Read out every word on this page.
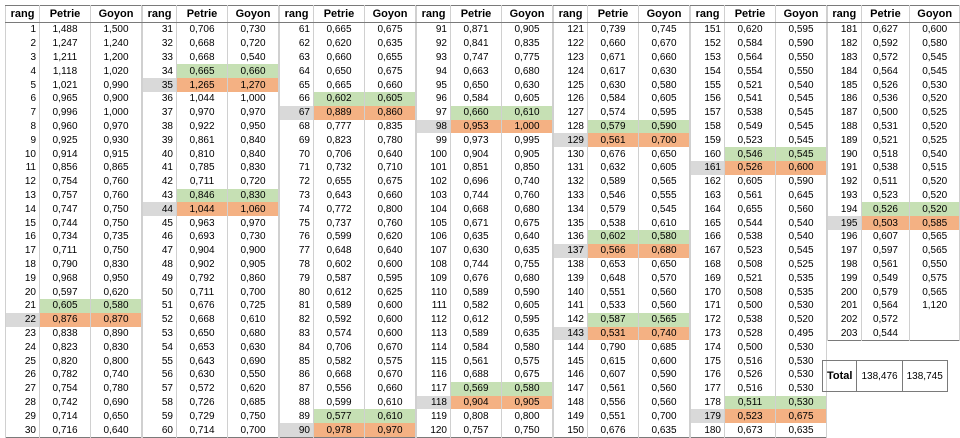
rang	Petrie	Goyon
1	1,488	1,500
2	1,247	1,240
3	1,211	1,200
4	1,118	1,020
5	1,021	0,990
6	0,965	0,900
7	0,996	1,000
8	0,960	0,970
9	0,925	0,930
10	0,914	0,915
11	0,856	0,865
12	0,754	0,760
13	0,757	0,760
14	0,747	0,750
15	0,744	0,750
16	0,734	0,735
17	0,711	0,750
18	0,790	0,830
19	0,968	0,950
20	0,597	0,620
21	0,605	0,580
22	0,876	0,870
23	0,838	0,890
24	0,823	0,830
25	0,820	0,800
26	0,782	0,740
27	0,754	0,780
28	0,742	0,690
29	0,714	0,650
30	0,716	0,640
rang	Petrie	Goyon
31	0,706	0,730
32	0,668	0,720
33	0,668	0,540
34	0,665	0,660
35	1,265	1,270
36	1,044	1,000
37	0,970	0,970
38	0,922	0,950
39	0,861	0,840
40	0,810	0,840
41	0,785	0,830
42	0,711	0,720
43	0,846	0,830
44	1,044	1,060
45	0,963	0,970
46	0,693	0,730
47	0,904	0,900
48	0,902	0,905
49	0,792	0,860
50	0,711	0,700
51	0,676	0,725
52	0,668	0,610
53	0,650	0,680
54	0,653	0,630
55	0,643	0,690
56	0,630	0,550
57	0,572	0,620
58	0,726	0,685
59	0,729	0,750
60	0,714	0,700
rang	Petrie	Goyon
61	0,665	0,675
62	0,620	0,635
63	0,660	0,655
64	0,650	0,675
65	0,665	0,660
66	0,602	0,605
67	0,889	0,860
68	0,777	0,835
69	0,823	0,780
70	0,706	0,640
71	0,732	0,710
72	0,655	0,675
73	0,643	0,660
74	0,772	0,800
75	0,737	0,760
76	0,599	0,620
77	0,648	0,640
78	0,602	0,600
79	0,587	0,595
80	0,612	0,625
81	0,589	0,600
82	0,592	0,600
83	0,574	0,600
84	0,706	0,670
85	0,582	0,575
86	0,668	0,670
87	0,556	0,660
88	0,599	0,610
89	0,577	0,610
90	0,978	0,970
rang	Petrie	Goyon
91	0,871	0,905
92	0,841	0,835
93	0,747	0,775
94	0,663	0,680
95	0,650	0,630
96	0,584	0,605
97	0,660	0,610
98	0,953	1,000
99	0,973	0,995
100	0,904	0,905
101	0,851	0,850
102	0,696	0,740
103	0,744	0,760
104	0,668	0,680
105	0,671	0,675
106	0,635	0,640
107	0,630	0,635
108	0,744	0,755
109	0,676	0,680
110	0,589	0,590
111	0,582	0,605
112	0,612	0,595
113	0,589	0,635
114	0,584	0,580
115	0,561	0,575
116	0,688	0,675
117	0,569	0,580
118	0,904	0,905
119	0,808	0,800
120	0,757	0,750
rang	Petrie	Goyon
121	0,739	0,745
122	0,660	0,670
123	0,671	0,660
124	0,617	0,630
125	0,630	0,580
126	0,584	0,605
127	0,574	0,595
128	0,579	0,590
129	0,561	0,700
130	0,676	0,650
131	0,632	0,605
132	0,589	0,565
133	0,546	0,555
134	0,579	0,545
135	0,538	0,610
136	0,602	0,580
137	0,566	0,680
138	0,653	0,650
139	0,648	0,570
140	0,551	0,560
141	0,533	0,560
142	0,587	0,565
143	0,531	0,740
144	0,790	0,685
145	0,615	0,600
146	0,607	0,590
147	0,561	0,560
148	0,556	0,560
149	0,551	0,700
150	0,676	0,635
rang	Petrie	Goyon
151	0,620	0,595
152	0,584	0,590
153	0,564	0,550
154	0,554	0,550
155	0,521	0,540
156	0,541	0,545
157	0,538	0,545
158	0,549	0,545
159	0,523	0,545
160	0,546	0,545
161	0,526	0,600
162	0,605	0,590
163	0,561	0,645
164	0,655	0,560
165	0,544	0,540
166	0,538	0,540
167	0,523	0,545
168	0,508	0,525
169	0,521	0,535
170	0,508	0,535
171	0,500	0,530
172	0,538	0,520
173	0,528	0,495
174	0,500	0,530
175	0,516	0,530
176	0,526	0,530
177	0,516	0,530
178	0,511	0,530
179	0,523	0,675
180	0,673	0,635
rang	Petrie	Goyon
181	0,627	0,600
182	0,592	0,580
183	0,572	0,545
184	0,564	0,545
185	0,526	0,530
186	0,536	0,520
187	0,500	0,525
188	0,531	0,520
189	0,521	0,525
190	0,518	0,540
191	0,538	0,515
192	0,511	0,520
193	0,523	0,520
194	0,526	0,520
195	0,503	0,585
196	0,607	0,565
197	0,597	0,565
198	0,561	0,550
199	0,549	0,575
200	0,579	0,565
201	0,564	1,120
202	0,572	
203	0,544	
Total	138,476	138,745
